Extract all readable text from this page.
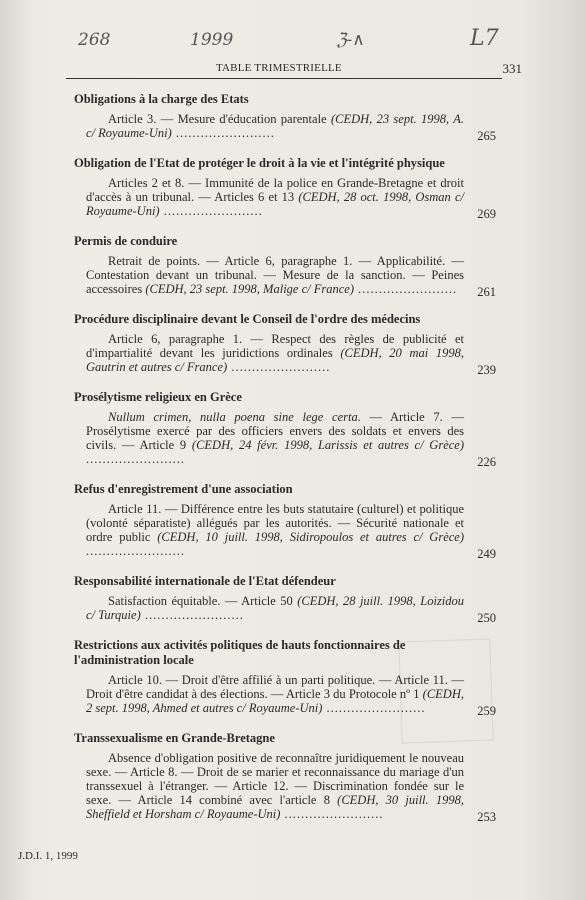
268	1999	ℨ-∧	L7
TABLE TRIMESTRIELLE	331
Obligations à la charge des Etats
Article 3. — Mesure d'éducation parentale (CEDH, 23 sept. 1998, A. c/ Royaume-Uni) ........................	265
Obligation de l'Etat de protéger le droit à la vie et l'intégrité physique
Articles 2 et 8. — Immunité de la police en Grande-Bretagne et droit d'accès à un tribunal. — Articles 6 et 13 (CEDH, 28 oct. 1998, Osman c/ Royaume-Uni) ........................	269
Permis de conduire
Retrait de points. — Article 6, paragraphe 1. — Applicabilité. — Contestation devant un tribunal. — Mesure de la sanction. — Peines accessoires (CEDH, 23 sept. 1998, Malige c/ France) ........................	261
Procédure disciplinaire devant le Conseil de l'ordre des médecins
Article 6, paragraphe 1. — Respect des règles de publicité et d'impartialité devant les juridictions ordinales (CEDH, 20 mai 1998, Gautrin et autres c/ France) ........................	239
Prosélytisme religieux en Grèce
Nullum crimen, nulla poena sine lege certa. — Article 7. — Prosélytisme exercé par des officiers envers des soldats et envers des civils. — Article 9 (CEDH, 24 févr. 1998, Larissis et autres c/ Grèce) ........................	226
Refus d'enregistrement d'une association
Article 11. — Différence entre les buts statutaire (culturel) et politique (volonté séparatiste) allégués par les autorités. — Sécurité nationale et ordre public (CEDH, 10 juill. 1998, Sidiropoulos et autres c/ Grèce) ........................	249
Responsabilité internationale de l'Etat défendeur
Satisfaction équitable. — Article 50 (CEDH, 28 juill. 1998, Loizidou c/ Turquie) ........................	250
Restrictions aux activités politiques de hauts fonctionnaires de l'administration locale
Article 10. — Droit d'être affilié à un parti politique. — Article 11. — Droit d'être candidat à des élections. — Article 3 du Protocole nº 1 (CEDH, 2 sept. 1998, Ahmed et autres c/ Royaume-Uni) ........................	259
Transsexualisme en Grande-Bretagne
Absence d'obligation positive de reconnaître juridiquement le nouveau sexe. — Article 8. — Droit de se marier et reconnaissance du mariage d'un transsexuel à l'étranger. — Article 12. — Discrimination fondée sur le sexe. — Article 14 combiné avec l'article 8 (CEDH, 30 juill. 1998, Sheffield et Horsham c/ Royaume-Uni) ........................	253
J.D.I. 1, 1999
